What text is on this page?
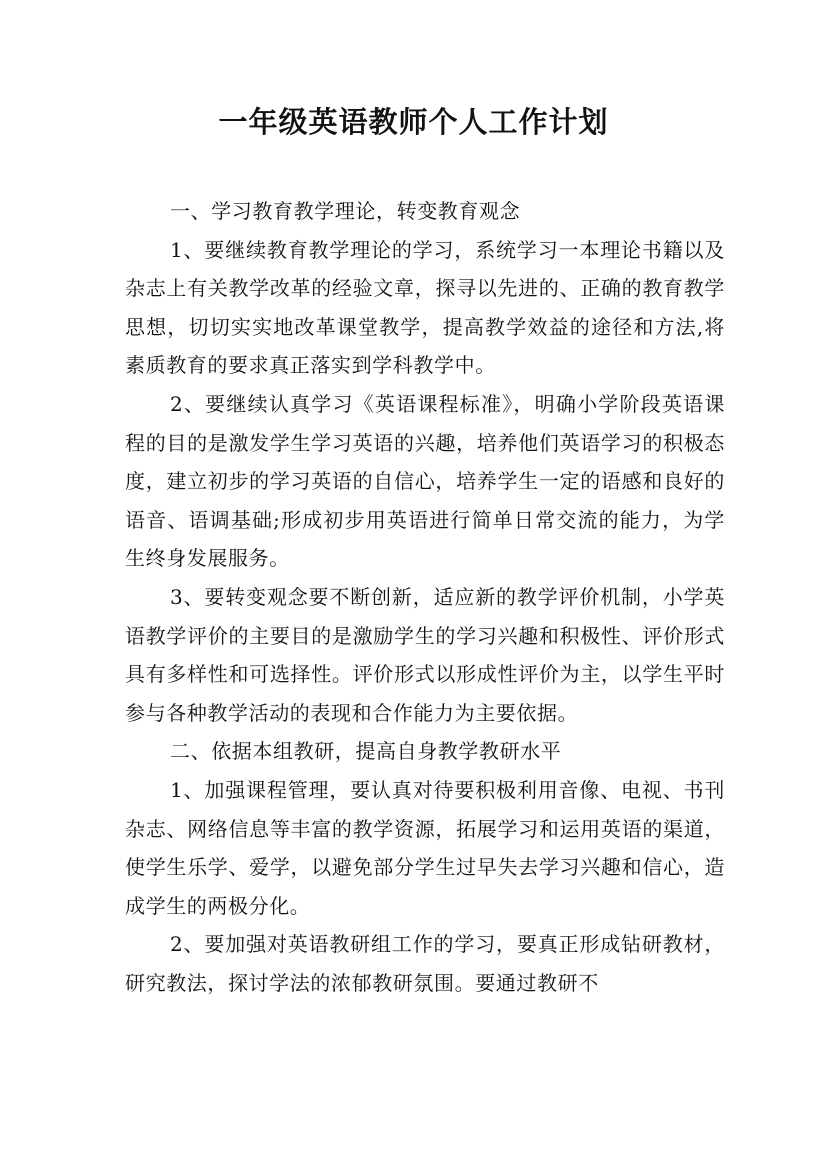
一年级英语教师个人工作计划

一、学习教育教学理论，转变教育观念

1、要继续教育教学理论的学习，系统学习一本理论书籍以及杂志上有关教学改革的经验文章，探寻以先进的、正确的教育教学思想，切切实实地改革课堂教学，提高教学效益的途径和方法,将素质教育的要求真正落实到学科教学中。

2、要继续认真学习《英语课程标准》，明确小学阶段英语课程的目的是激发学生学习英语的兴趣，培养他们英语学习的积极态度，建立初步的学习英语的自信心，培养学生一定的语感和良好的语音、语调基础;形成初步用英语进行简单日常交流的能力，为学生终身发展服务。

3、要转变观念要不断创新，适应新的教学评价机制，小学英语教学评价的主要目的是激励学生的学习兴趣和积极性、评价形式具有多样性和可选择性。评价形式以形成性评价为主，以学生平时参与各种教学活动的表现和合作能力为主要依据。

二、依据本组教研，提高自身教学教研水平

1、加强课程管理，要认真对待要积极利用音像、电视、书刊杂志、网络信息等丰富的教学资源，拓展学习和运用英语的渠道，使学生乐学、爱学，以避免部分学生过早失去学习兴趣和信心，造成学生的两极分化。

2、要加强对英语教研组工作的学习，要真正形成钻研教材，研究教法，探讨学法的浓郁教研氛围。要通过教研不
